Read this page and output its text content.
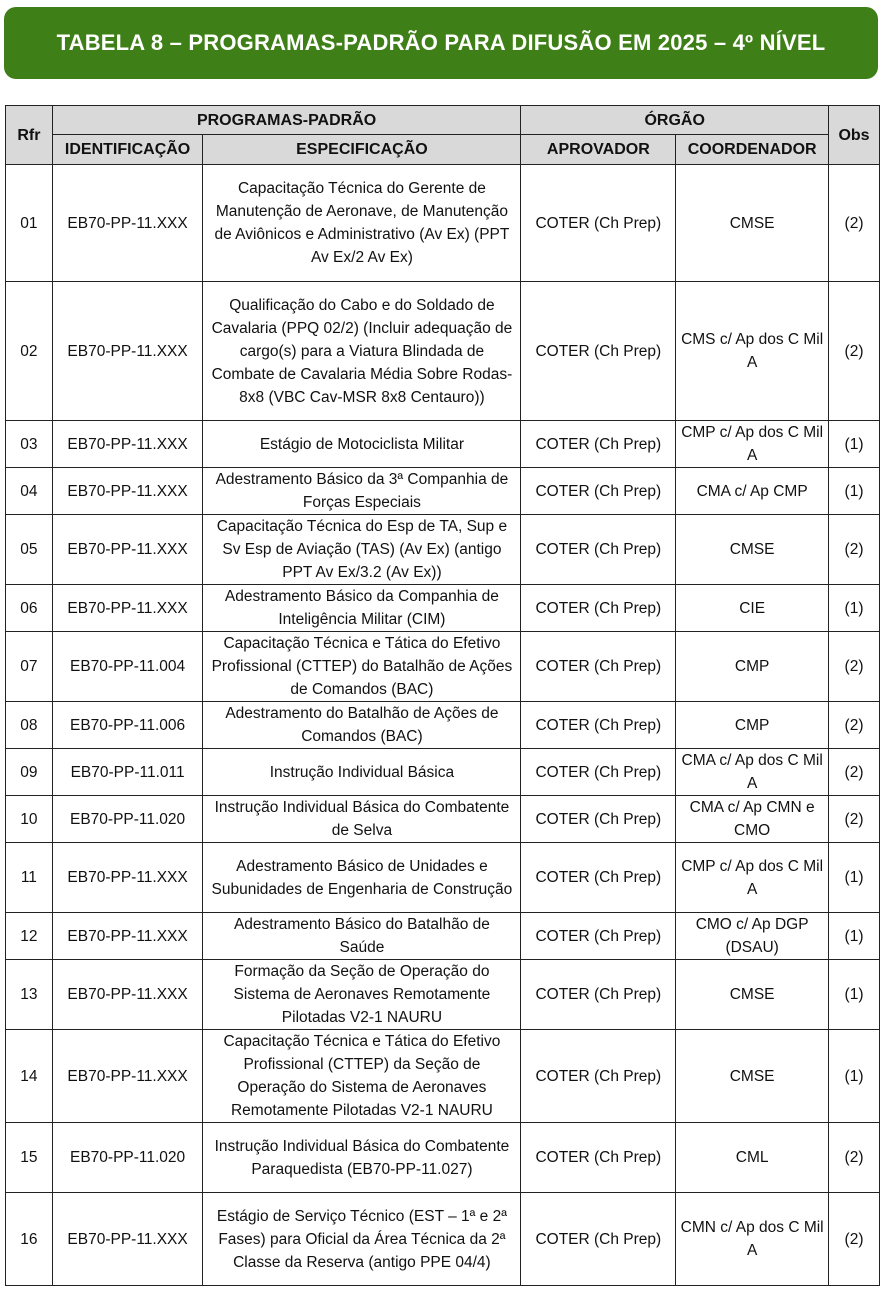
TABELA 8 – PROGRAMAS-PADRÃO PARA DIFUSÃO EM 2025 – 4º NÍVEL
Rfr	PROGRAMAS-PADRÃO		ÓRGÃO		Obs
	IDENTIFICAÇÃO	ESPECIFICAÇÃO	APROVADOR	COORDENADOR	
01	EB70-PP-11.XXX	Capacitação Técnica do Gerente de Manutenção de Aeronave, de Manutenção de Aviônicos e Administrativo (Av Ex) (PPT Av Ex/2 Av Ex)	COTER (Ch Prep)	CMSE	(2)
02	EB70-PP-11.XXX	Qualificação do Cabo e do Soldado de Cavalaria (PPQ 02/2) (Incluir adequação de cargo(s) para a Viatura Blindada de Combate de Cavalaria Média Sobre Rodas-8x8 (VBC Cav-MSR 8x8 Centauro))	COTER (Ch Prep)	CMS c/ Ap dos C Mil A	(2)
03	EB70-PP-11.XXX	Estágio de Motociclista Militar	COTER (Ch Prep)	CMP c/ Ap dos C Mil A	(1)
04	EB70-PP-11.XXX	Adestramento Básico da 3ª Companhia de Forças Especiais	COTER (Ch Prep)	CMA c/ Ap CMP	(1)
05	EB70-PP-11.XXX	Capacitação Técnica do Esp de TA, Sup e Sv Esp de Aviação (TAS) (Av Ex) (antigo PPT Av Ex/3.2 (Av Ex))	COTER (Ch Prep)	CMSE	(2)
06	EB70-PP-11.XXX	Adestramento Básico da Companhia de Inteligência Militar (CIM)	COTER (Ch Prep)	CIE	(1)
07	EB70-PP-11.004	Capacitação Técnica e Tática do Efetivo Profissional (CTTEP) do Batalhão de Ações de Comandos (BAC)	COTER (Ch Prep)	CMP	(2)
08	EB70-PP-11.006	Adestramento do Batalhão de Ações de Comandos (BAC)	COTER (Ch Prep)	CMP	(2)
09	EB70-PP-11.011	Instrução Individual Básica	COTER (Ch Prep)	CMA c/ Ap dos C Mil A	(2)
10	EB70-PP-11.020	Instrução Individual Básica do Combatente de Selva	COTER (Ch Prep)	CMA c/ Ap CMN e CMO	(2)
11	EB70-PP-11.XXX	Adestramento Básico de Unidades e Subunidades de Engenharia de Construção	COTER (Ch Prep)	CMP c/ Ap dos C Mil A	(1)
12	EB70-PP-11.XXX	Adestramento Básico do Batalhão de Saúde	COTER (Ch Prep)	CMO c/ Ap DGP (DSAU)	(1)
13	EB70-PP-11.XXX	Formação da Seção de Operação do Sistema de Aeronaves Remotamente Pilotadas V2-1 NAURU	COTER (Ch Prep)	CMSE	(1)
14	EB70-PP-11.XXX	Capacitação Técnica e Tática do Efetivo Profissional (CTTEP) da Seção de Operação do Sistema de Aeronaves Remotamente Pilotadas V2-1 NAURU	COTER (Ch Prep)	CMSE	(1)
15	EB70-PP-11.020	Instrução Individual Básica do Combatente Paraquedista (EB70-PP-11.027)	COTER (Ch Prep)	CML	(2)
16	EB70-PP-11.XXX	Estágio de Serviço Técnico (EST – 1ª e 2ª Fases) para Oficial da Área Técnica da 2ª Classe da Reserva (antigo PPE 04/4)	COTER (Ch Prep)	CMN c/ Ap dos C Mil A	(2)
